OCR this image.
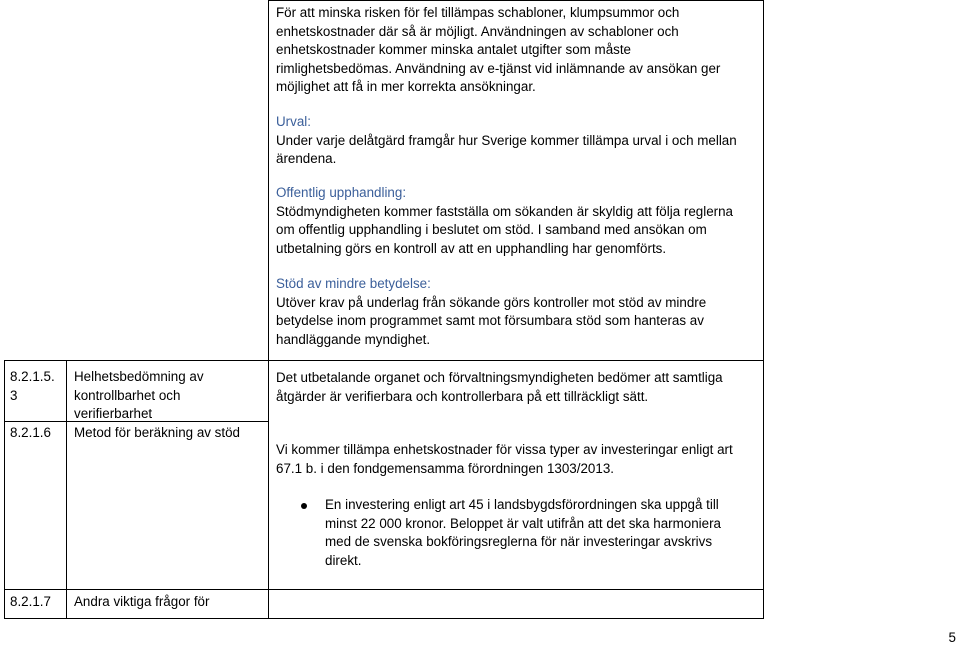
För att minska risken för fel tillämpas schabloner, klumpsummor och
enhetskostnader där så är möjligt. Användningen av schabloner och
enhetskostnader kommer minska antalet utgifter som måste
rimlighetsbedömas. Användning av e-tjänst vid inlämnande av ansökan ger
möjlighet att få in mer korrekta ansökningar.
Urval:
Under varje delåtgärd framgår hur Sverige kommer tillämpa urval i och mellan
ärendena.
Offentlig upphandling:
Stödmyndigheten kommer fastställa om sökanden är skyldig att följa reglerna
om offentlig upphandling i beslutet om stöd. I samband med ansökan om
utbetalning görs en kontroll av att en upphandling har genomförts.
Stöd av mindre betydelse:
Utöver krav på underlag från sökande görs kontroller mot stöd av mindre
betydelse inom programmet samt mot försumbara stöd som hanteras av
handläggande myndighet.
8.2.1.5.
3
Helhetsbedömning av
kontrollbarhet och
verifierbarhet
8.2.1.6 Metod för beräkning av stöd
8.2.1.7 Andra viktiga frågor för
Det utbetalande organet och förvaltningsmyndigheten bedömer att samtliga
åtgärder är verifierbara och kontrollerbara på ett tillräckligt sätt.
Vi kommer tillämpa enhetskostnader för vissa typer av investeringar enligt art
67.1 b. i den fondgemensamma förordningen 1303/2013.
En investering enligt art 45 i landsbygdsförordningen ska uppgå till
minst 22 000 kronor. Beloppet är valt utifrån att det ska harmoniera
med de svenska bokföringsreglerna för när investeringar avskrivs
direkt.
5
